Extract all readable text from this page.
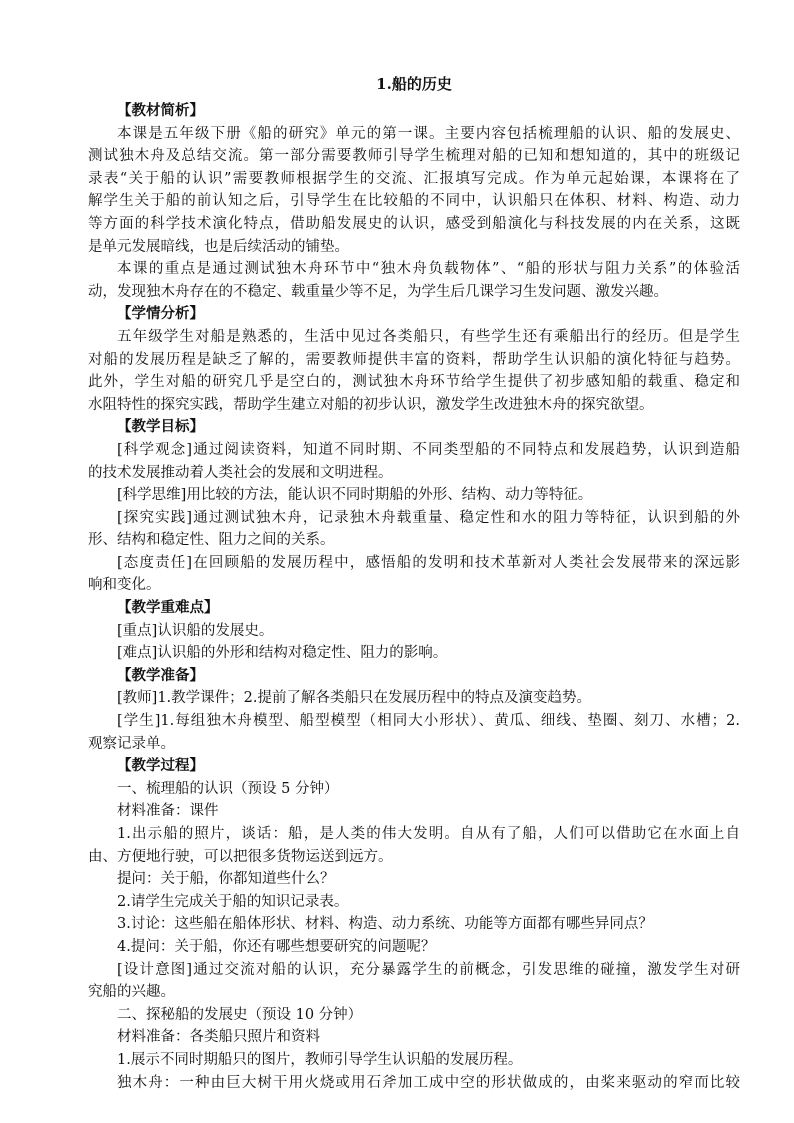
1.船的历史
【教材简析】
本课是五年级下册《船的研究》单元的第一课。主要内容包括梳理船的认识、船的发展史、
测试独木舟及总结交流。第一部分需要教师引导学生梳理对船的已知和想知道的，其中的班级记
录表“关于船的认识”需要教师根据学生的交流、汇报填写完成。作为单元起始课，本课将在了
解学生关于船的前认知之后，引导学生在比较船的不同中，认识船只在体积、材料、构造、动力
等方面的科学技术演化特点，借助船发展史的认识，感受到船演化与科技发展的内在关系，这既
是单元发展暗线，也是后续活动的铺垫。
本课的重点是通过测试独木舟环节中“独木舟负载物体”、“船的形状与阻力关系”的体验活
动，发现独木舟存在的不稳定、载重量少等不足，为学生后几课学习生发问题、激发兴趣。
【学情分析】
五年级学生对船是熟悉的，生活中见过各类船只，有些学生还有乘船出行的经历。但是学生
对船的发展历程是缺乏了解的，需要教师提供丰富的资料，帮助学生认识船的演化特征与趋势。
此外，学生对船的研究几乎是空白的，测试独木舟环节给学生提供了初步感知船的载重、稳定和
水阻特性的探究实践，帮助学生建立对船的初步认识，激发学生改进独木舟的探究欲望。
【教学目标】
[科学观念]通过阅读资料，知道不同时期、不同类型船的不同特点和发展趋势，认识到造船
的技术发展推动着人类社会的发展和文明进程。
[科学思维]用比较的方法，能认识不同时期船的外形、结构、动力等特征。
[探究实践]通过测试独木舟，记录独木舟载重量、稳定性和水的阻力等特征，认识到船的外
形、结构和稳定性、阻力之间的关系。
[态度责任]在回顾船的发展历程中，感悟船的发明和技术革新对人类社会发展带来的深远影
响和变化。
【教学重难点】
[重点]认识船的发展史。
[难点]认识船的外形和结构对稳定性、阻力的影响。
【教学准备】
[教师]1.教学课件；2.提前了解各类船只在发展历程中的特点及演变趋势。
[学生]1.每组独木舟模型、船型模型（相同大小形状）、黄瓜、细线、垫圈、刻刀、水槽；2.
观察记录单。
【教学过程】
一、梳理船的认识（预设 5 分钟）
材料准备：课件
1.出示船的照片，谈话：船，是人类的伟大发明。自从有了船，人们可以借助它在水面上自
由、方便地行驶，可以把很多货物运送到远方。
提问：关于船，你都知道些什么？
2.请学生完成关于船的知识记录表。
3.讨论：这些船在船体形状、材料、构造、动力系统、功能等方面都有哪些异同点？
4.提问：关于船，你还有哪些想要研究的问题呢？
[设计意图]通过交流对船的认识，充分暴露学生的前概念，引发思维的碰撞，激发学生对研
究船的兴趣。
二、探秘船的发展史（预设 10 分钟）
材料准备：各类船只照片和资料
1.展示不同时期船只的图片，教师引导学生认识船的发展历程。
独木舟：一种由巨大树干用火烧或用石斧加工成中空的形状做成的，由桨来驱动的窄而比较
